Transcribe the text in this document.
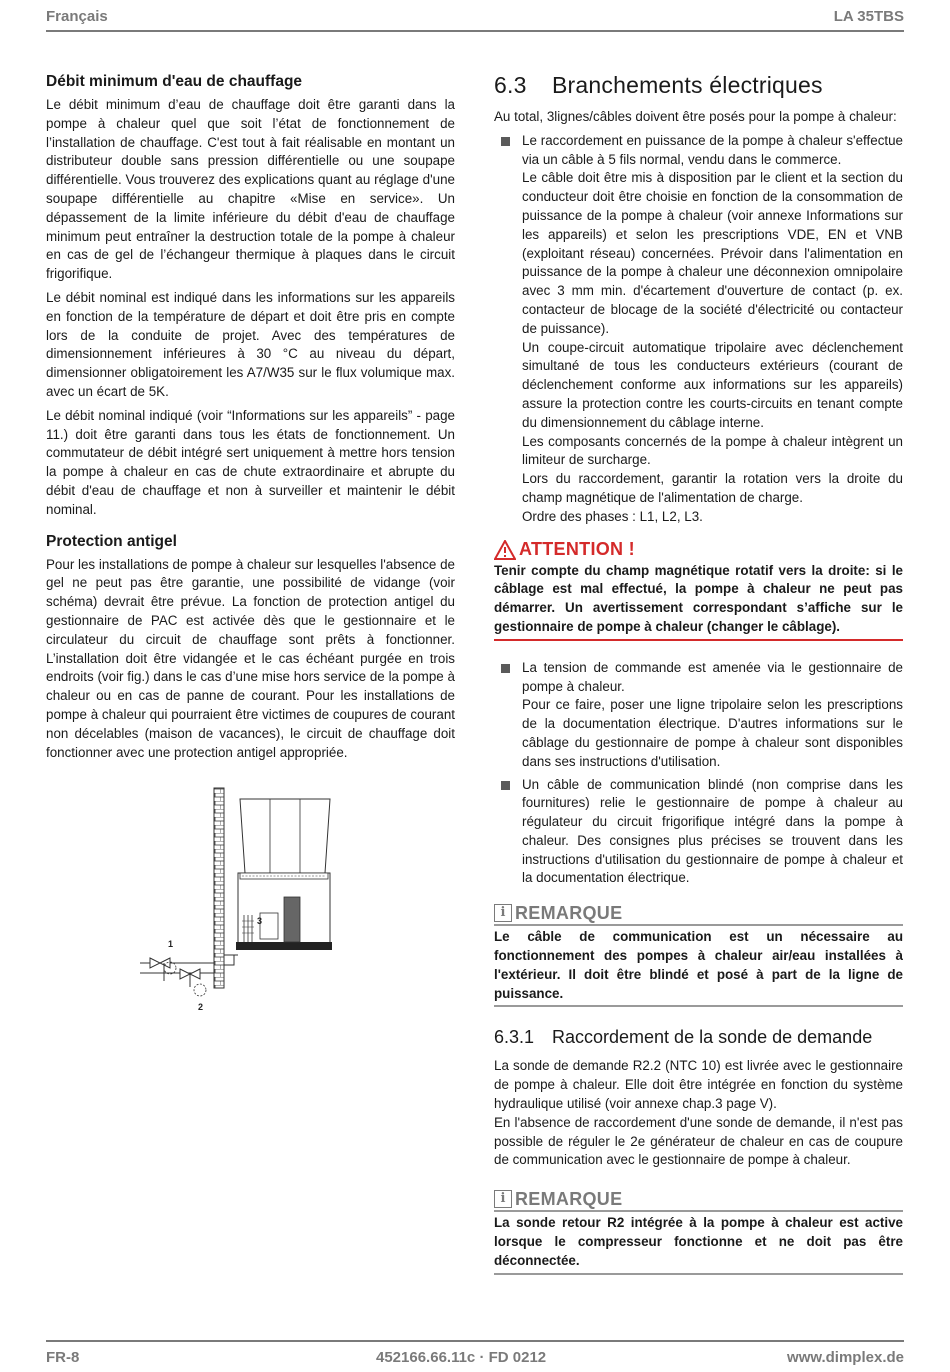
Français	LA 35TBS
Débit minimum d'eau de chauffage

Le débit minimum d’eau de chauffage doit être garanti dans la pompe à chaleur quel que soit l’état de fonctionnement de l’installation de chauffage. C'est tout à fait réalisable en montant un distributeur double sans pression différentielle ou une soupape différentielle. Vous trouverez des explications quant au réglage d'une soupape différentielle au chapitre «Mise en service». Un dépassement de la limite inférieure du débit d'eau de chauffage minimum peut entraîner la destruction totale de la pompe à chaleur en cas de gel de l’échangeur thermique à plaques dans le circuit frigorifique.

Le débit nominal est indiqué dans les informations sur les appareils en fonction de la température de départ et doit être pris en compte lors de la conduite de projet. Avec des températures de dimensionnement inférieures à 30 °C au niveau du départ, dimensionner obligatoirement les A7/W35 sur le flux volumique max. avec un écart de 5K.

Le débit nominal indiqué (voir “Informations sur les appareils” - page 11.) doit être garanti dans tous les états de fonctionnement. Un commutateur de débit intégré sert uniquement à mettre hors tension la pompe à chaleur en cas de chute extraordinaire et abrupte du débit d'eau de chauffage et non à surveiller et maintenir le débit nominal.

Protection antigel

Pour les installations de pompe à chaleur sur lesquelles l'absence de gel ne peut pas être garantie, une possibilité de vidange (voir schéma) devrait être prévue. La fonction de protection antigel du gestionnaire de PAC est activée dès que le gestionnaire et le circulateur du circuit de chauffage sont prêts à fonctionner. L’installation doit être vidangée et le cas échéant purgée en trois endroits (voir fig.) dans le cas d’une mise hors service de la pompe à chaleur ou en cas de panne de courant. Pour les installations de pompe à chaleur qui pourraient être victimes de coupures de courant non décelables (maison de vacances), le circuit de chauffage doit fonctionner avec une protection antigel appropriée.

3
1
2
6.3 Branchements électriques

Au total, 3lignes/câbles doivent être posés pour la pompe à chaleur:

Le raccordement en puissance de la pompe à chaleur s'effectue via un câble à 5 fils normal, vendu dans le commerce.

Le câble doit être mis à disposition par le client et la section du conducteur doit être choisie en fonction de la consommation de puissance de la pompe à chaleur (voir annexe Informations sur les appareils) et selon les prescriptions VDE, EN et VNB (exploitant réseau) concernées. Prévoir dans l'alimentation en puissance de la pompe à chaleur une déconnexion omnipolaire avec 3 mm min. d'écartement d'ouverture de contact (p. ex. contacteur de blocage de la société d'électricité ou contacteur de puissance).

Un coupe-circuit automatique tripolaire avec déclenchement simultané de tous les conducteurs extérieurs (courant de déclenchement conforme aux informations sur les appareils) assure la protection contre les courts-circuits en tenant compte du dimensionnement du câblage interne.

Les composants concernés de la pompe à chaleur intègrent un limiteur de surcharge.

Lors du raccordement, garantir la rotation vers la droite du champ magnétique de l'alimentation de charge.

Ordre des phases : L1, L2, L3.

ATTENTION !

Tenir compte du champ magnétique rotatif vers la droite: si le câblage est mal effectué, la pompe à chaleur ne peut pas démarrer. Un avertissement correspondant s’affiche sur le gestionnaire de pompe à chaleur (changer le câblage).

La tension de commande est amenée via le gestionnaire de pompe à chaleur.

Pour ce faire, poser une ligne tripolaire selon les prescriptions de la documentation électrique. D'autres informations sur le câblage du gestionnaire de pompe à chaleur sont disponibles dans ses instructions d'utilisation.

Un câble de communication blindé (non comprise dans les fournitures) relie le gestionnaire de pompe à chaleur au régulateur du circuit frigorifique intégré dans la pompe à chaleur. Des consignes plus précises se trouvent dans les instructions d'utilisation du gestionnaire de pompe à chaleur et la documentation électrique.

i REMARQUE

Le câble de communication est un nécessaire au fonctionnement des pompes à chaleur air/eau installées à l'extérieur. Il doit être blindé et posé à part de la ligne de puissance.

6.3.1 Raccordement de la sonde de demande

La sonde de demande R2.2 (NTC 10) est livrée avec le gestionnaire de pompe à chaleur. Elle doit être intégrée en fonction du système hydraulique utilisé (voir annexe chap.3 page V).

En l'absence de raccordement d'une sonde de demande, il n'est pas possible de réguler le 2e générateur de chaleur en cas de coupure de communication avec le gestionnaire de pompe à chaleur.

i REMARQUE

La sonde retour R2 intégrée à la pompe à chaleur est active lorsque le compresseur fonctionne et ne doit pas être déconnectée.

FR-8	452166.66.11c · FD 0212	www.dimplex.de
